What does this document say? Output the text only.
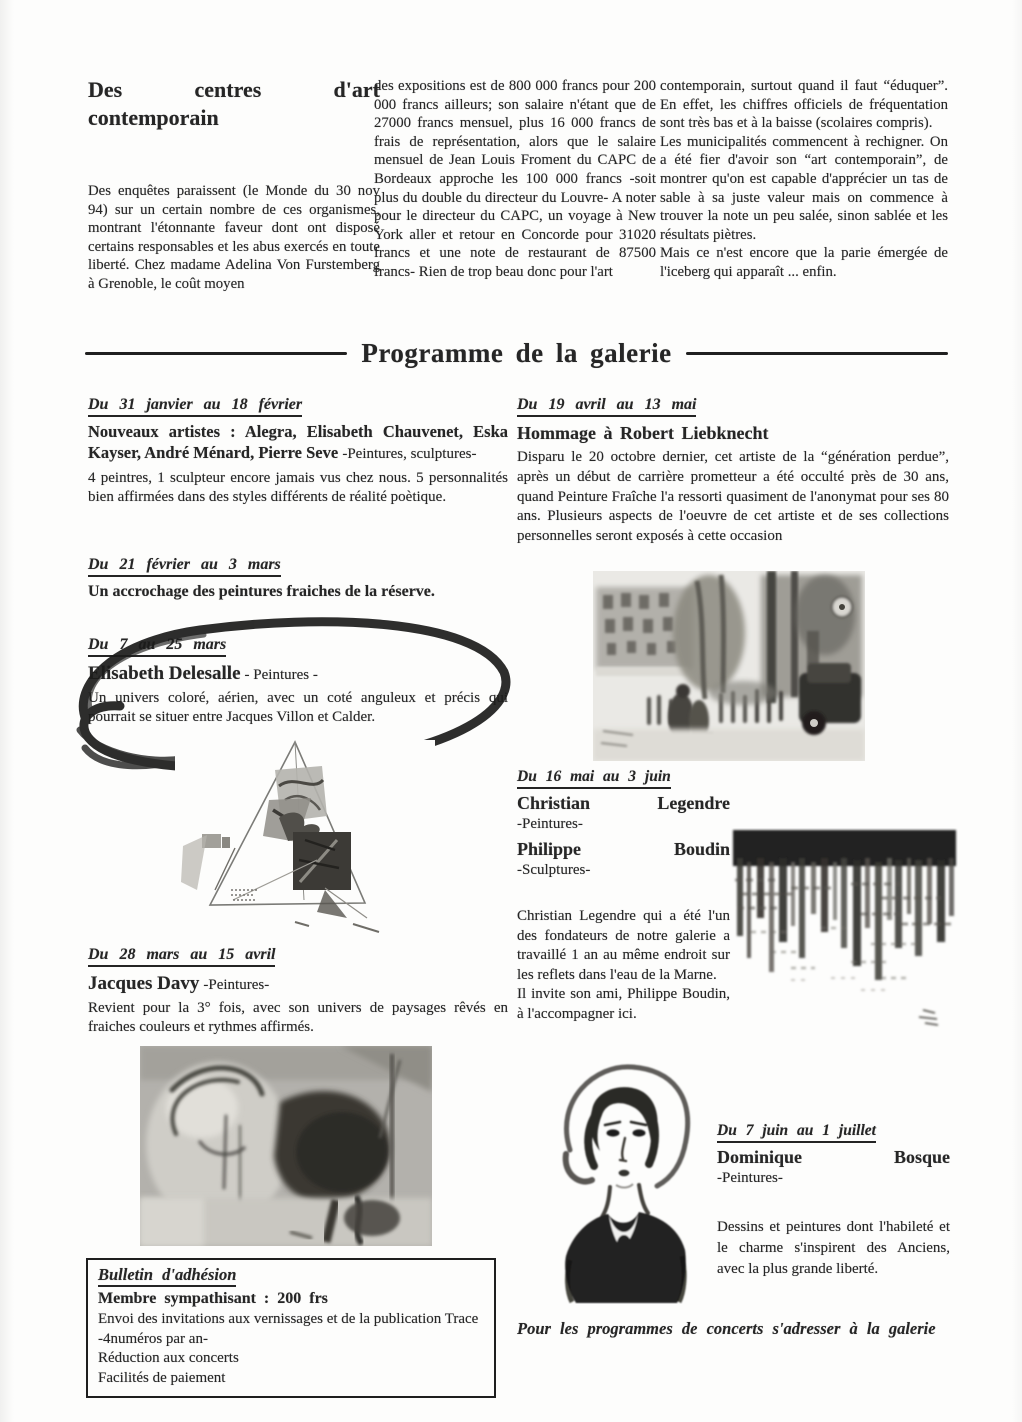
Des centres d'art
contemporain

Des enquêtes paraissent (le Monde du 30 nov 94) sur un certain nombre de ces organismes, montrant l'étonnante faveur dont ont disposé certains responsables et les abus exercés en toute liberté. Chez madame Adelina Von Furstemberg à Grenoble, le coût moyen

des expositions est de 800 000 francs pour 200 000 francs ailleurs; son salaire n'étant que de 27000 francs mensuel, plus 16 000 francs de frais de représentation, alors que le salaire mensuel de Jean Louis Froment du CAPC de Bordeaux approche les 100 000 francs -soit plus du double du directeur du Louvre- A noter pour le directeur du CAPC, un voyage à New York aller et retour en Concorde pour 31020 francs et une note de restaurant de 87500 francs- Rien de trop beau donc pour l'art

contemporain, surtout quand il faut “éduquer”. En effet, les chiffres officiels de fréquentation sont très bas et à la baisse (scolaires compris).

Les municipalités commencent à rechigner. On a été fier d'avoir son “art contemporain”, de montrer qu'on est capable d'apprécier un tas de sable à sa juste valeur mais on commence à trouver la note un peu salée, sinon sablée et les résultats piètres.

Mais ce n'est encore que la parie émergée de l'iceberg qui apparaît ... enfin.

Programme de la galerie
Du 31 janvier au 18 février

Nouveaux artistes : Alegra, Elisabeth Chauvenet, Eska Kayser, André Ménard, Pierre Seve -Peintures, sculptures-

4 peintres, 1 sculpteur encore jamais vus chez nous. 5 personnalités bien affirmées dans des styles différents de réalité poètique.

Du 21 février au 3 mars

Un accrochage des peintures fraiches de la réserve.

Du 7 au 25 mars

Elisabeth Delesalle - Peintures -

Un univers coloré, aérien, avec un coté anguleux et précis qui pourrait se situer entre Jacques Villon et Calder.

Du 28 mars au 15 avril

Jacques Davy -Peintures-

Revient pour la 3° fois, avec son univers de paysages rêvés en fraiches couleurs et rythmes affirmés.

Bulletin d'adhésion

Membre sympathisant : 200 frs

Envoi des invitations aux vernissages et de la publication Trace -4numéros par an-

Réduction aux concerts

Facilités de paiement

Du 19 avril au 13 mai

Hommage à Robert Liebknecht

Disparu le 20 octobre dernier, cet artiste de la “génération perdue”, après un début de carrière prometteur a été occulté près de 30 ans, quand Peinture Fraîche l'a ressorti quasiment de l'anonymat pour ses 80 ans. Plusieurs aspects de l'oeuvre de cet artiste et de ses collections personnelles seront exposés à cette occasion

Du 16 mai au 3 juin

Christian Legendre

-Peintures-

Philippe Boudin

-Sculptures-

Christian Legendre qui a été l'un des fondateurs de notre galerie a travaillé 1 an au même endroit sur les reflets dans l'eau de la Marne.

Il invite son ami, Philippe Boudin, à l'accompagner ici.

Du 7 juin au 1 juillet

Dominique Bosque

-Peintures-

Dessins et peintures dont l'habileté et le charme s'inspirent des Anciens, avec la plus grande liberté.

Pour les programmes de concerts s'adresser à la galerie
